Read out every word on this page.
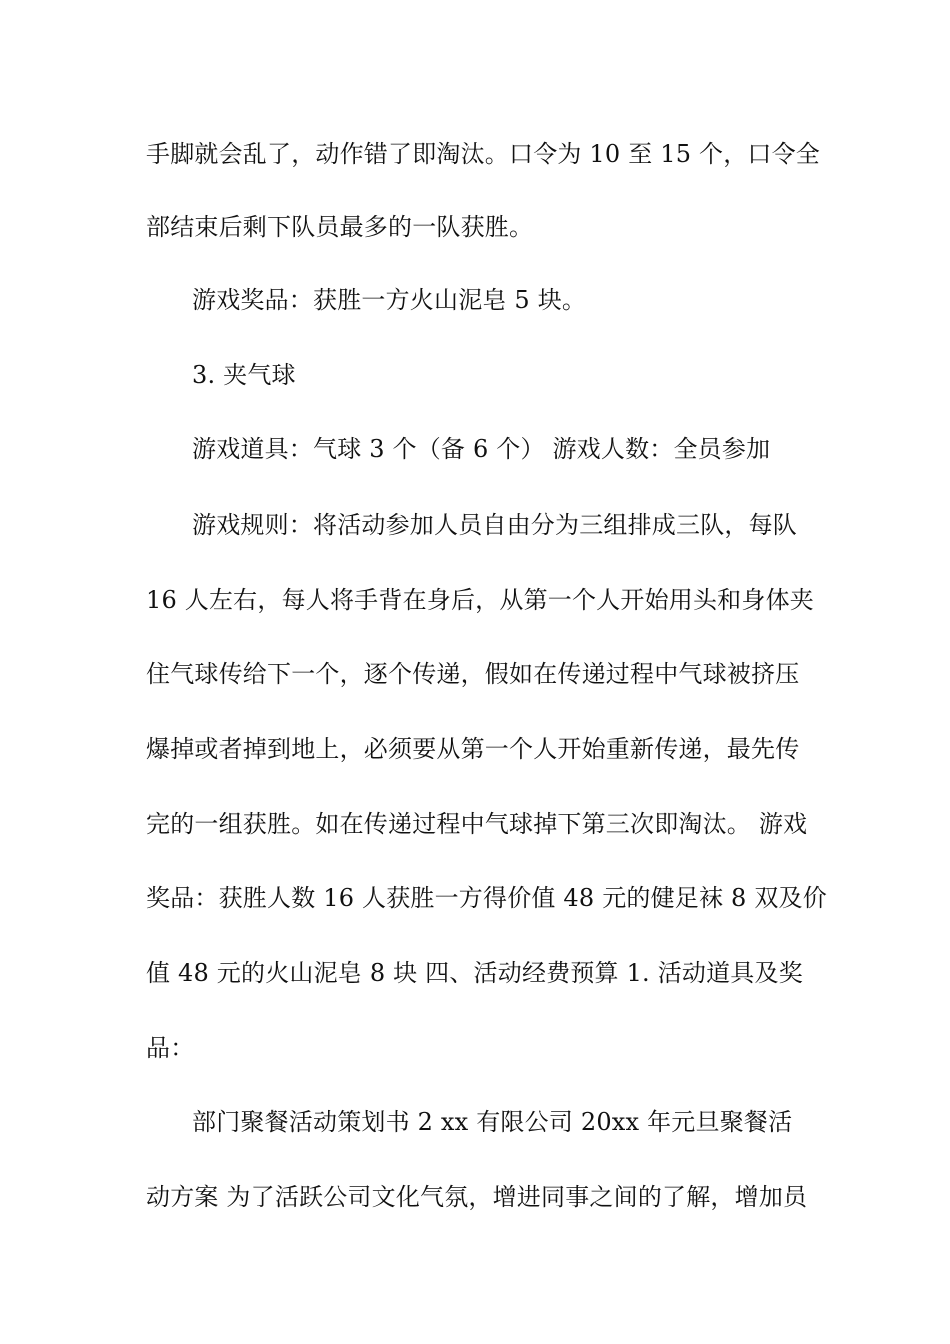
手脚就会乱了，动作错了即淘汰。口令为 10 至 15 个，口令全
部结束后剩下队员最多的一队获胜。
游戏奖品：获胜一方火山泥皂 5 块。
3. 夹气球
游戏道具：气球 3 个（备 6 个） 游戏人数：全员参加
游戏规则：将活动参加人员自由分为三组排成三队，每队
16 人左右，每人将手背在身后，从第一个人开始用头和身体夹
住气球传给下一个，逐个传递，假如在传递过程中气球被挤压
爆掉或者掉到地上，必须要从第一个人开始重新传递，最先传
完的一组获胜。如在传递过程中气球掉下第三次即淘汰。 游戏
奖品：获胜人数 16 人获胜一方得价值 48 元的健足袜 8 双及价
值 48 元的火山泥皂 8 块 四、活动经费预算 1. 活动道具及奖
品：
部门聚餐活动策划书 2 xx 有限公司 20xx 年元旦聚餐活
动方案 为了活跃公司文化气氛，增进同事之间的了解，增加员
